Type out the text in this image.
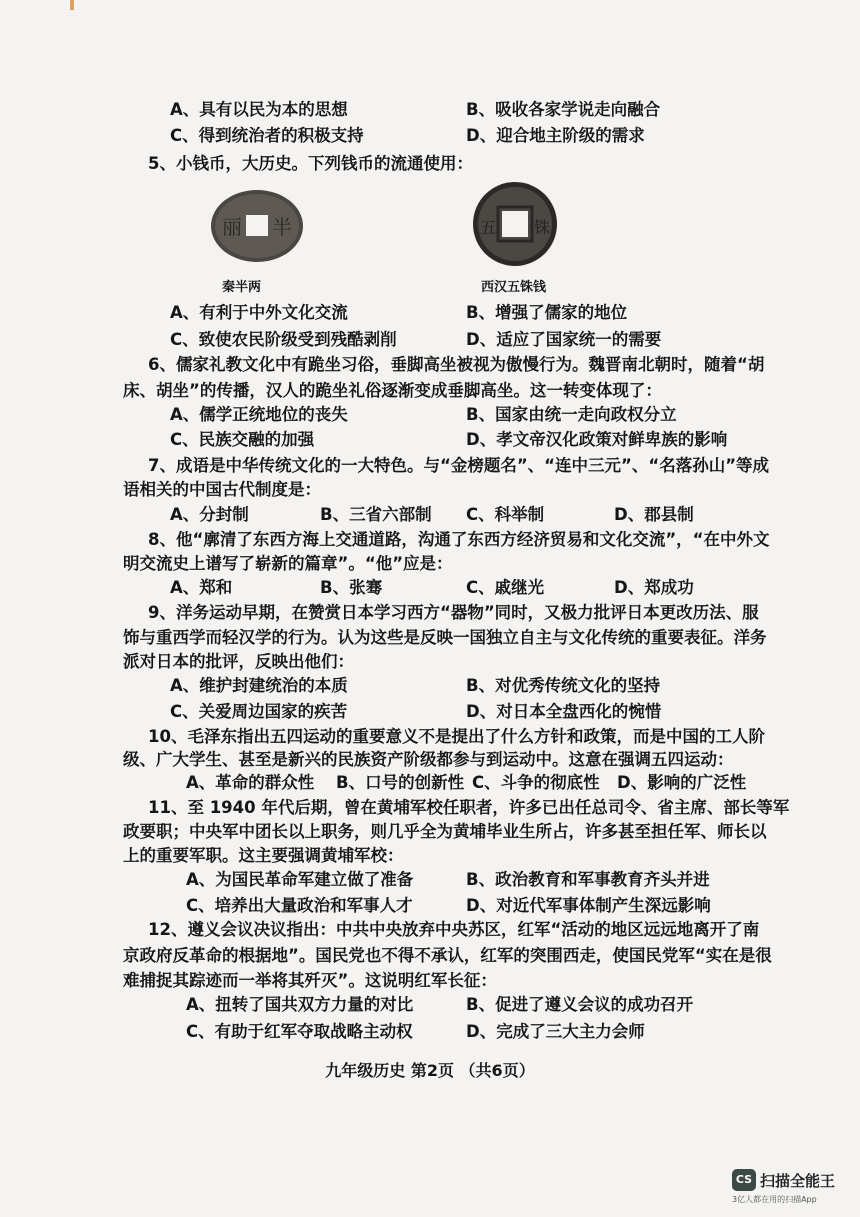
A、具有以民为本的思想	B、吸收各家学说走向融合
C、得到统治者的积极支持	D、迎合地主阶级的需求
5、小钱币，大历史。下列钱币的流通使用：
丽 半
秦半两
五 铢
西汉五铢钱
A、有利于中外文化交流	B、增强了儒家的地位
C、致使农民阶级受到残酷剥削	D、适应了国家统一的需要
6、儒家礼教文化中有跪坐习俗，垂脚高坐被视为傲慢行为。魏晋南北朝时，随着“胡
床、胡坐”的传播，汉人的跪坐礼俗逐渐变成垂脚高坐。这一转变体现了：
A、儒学正统地位的丧失	B、国家由统一走向政权分立
C、民族交融的加强	D、孝文帝汉化政策对鲜卑族的影响
7、成语是中华传统文化的一大特色。与“金榜题名”、“连中三元”、“名落孙山”等成
语相关的中国古代制度是：
A、分封制	B、三省六部制 C、科举制	D、郡县制
8、他“廓清了东西方海上交通道路，沟通了东西方经济贸易和文化交流”，“在中外文
明交流史上谱写了崭新的篇章”。“他”应是：
A、郑和	B、张骞	C、戚继光	D、郑成功
9、洋务运动早期，在赞赏日本学习西方“器物”同时，又极力批评日本更改历法、服
饰与重西学而轻汉学的行为。认为这些是反映一国独立自主与文化传统的重要表征。洋务
派对日本的批评，反映出他们：
A、维护封建统治的本质	B、对优秀传统文化的坚持
C、关爱周边国家的疾苦	D、对日本全盘西化的惋惜
10、毛泽东指出五四运动的重要意义不是提出了什么方针和政策，而是中国的工人阶
级、广大学生、甚至是新兴的民族资产阶级都参与到运动中。这意在强调五四运动：
A、革命的群众性 B、口号的创新性 C、斗争的彻底性 D、影响的广泛性
11、至 1940 年代后期，曾在黄埔军校任职者，许多已出任总司令、省主席、部长等军
政要职；中央军中团长以上职务，则几乎全为黄埔毕业生所占，许多甚至担任军、师长以
上的重要军职。这主要强调黄埔军校：
A、为国民革命军建立做了准备	B、政治教育和军事教育齐头并进
C、培养出大量政治和军事人才	D、对近代军事体制产生深远影响
12、遵义会议决议指出：中共中央放弃中央苏区，红军“活动的地区远远地离开了南
京政府反革命的根据地”。国民党也不得不承认，红军的突围西走，使国民党军“实在是很
难捕捉其踪迹而一举将其歼灭”。这说明红军长征：
A、扭转了国共双方力量的对比	B、促进了遵义会议的成功召开
C、有助于红军夺取战略主动权	D、完成了三大主力会师
九年级历史 第2页 （共6页）
CS 扫描全能王
3亿人都在用的扫描App
